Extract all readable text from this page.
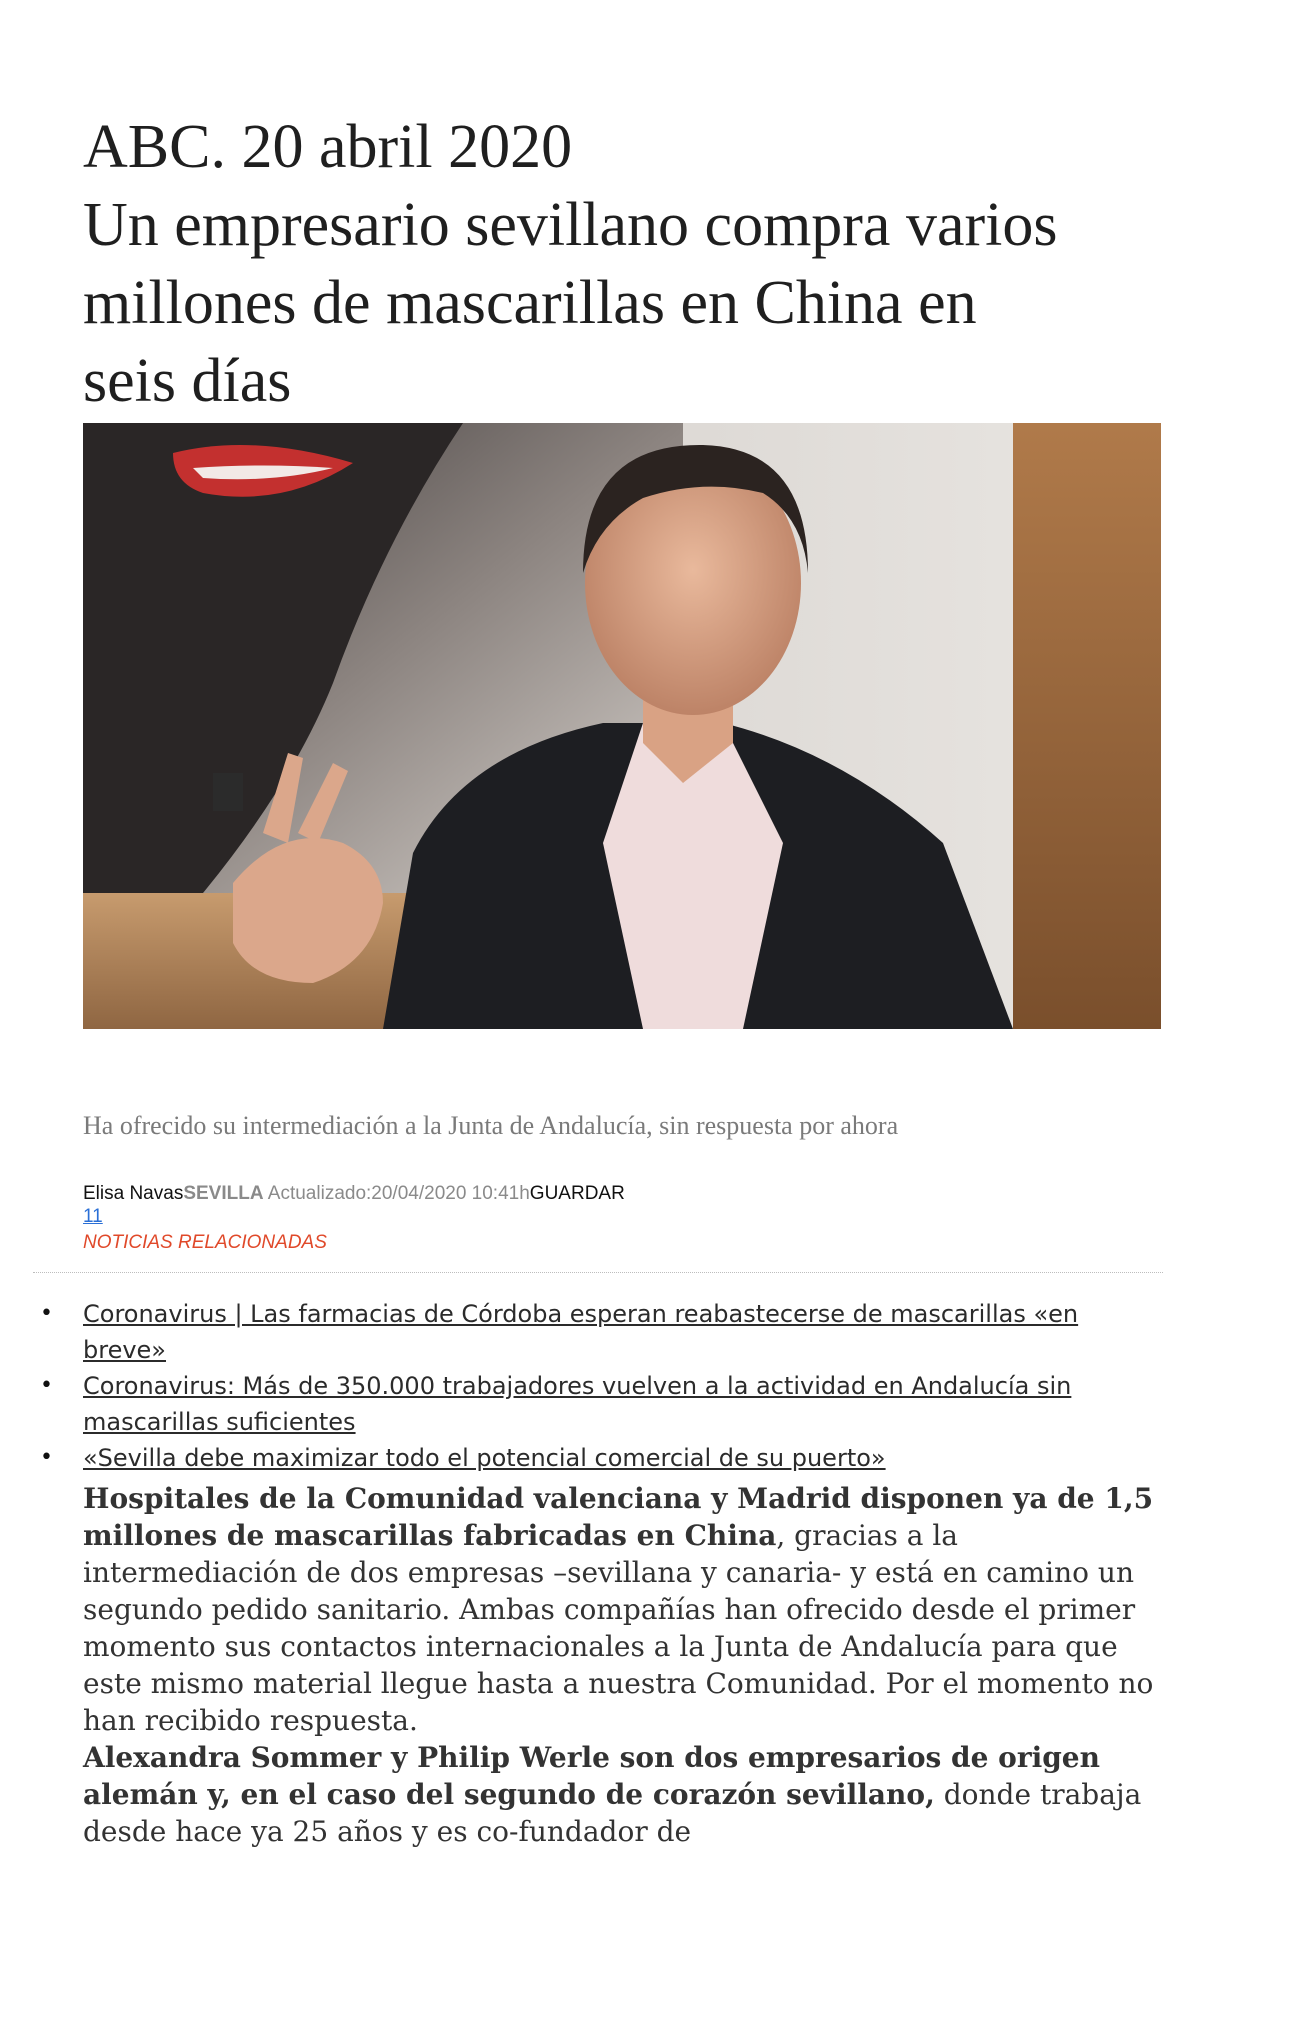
ABC. 20 abril 2020
Un empresario sevillano compra varios
millones de mascarillas en China en
seis días
Ha ofrecido su intermediación a la Junta de Andalucía, sin respuesta por ahora
Elisa NavasSEVILLA Actualizado:20/04/2020 10:41hGUARDAR
11
NOTICIAS RELACIONADAS
• Coronavirus | Las farmacias de Córdoba esperan reabastecerse de mascarillas «en
breve»
• Coronavirus: Más de 350.000 trabajadores vuelven a la actividad en Andalucía sin
mascarillas suficientes
• «Sevilla debe maximizar todo el potencial comercial de su puerto»

Hospitales de la Comunidad valenciana y Madrid disponen ya de 1,5 millones de mascarillas fabricadas en China, gracias a la intermediación de dos empresas –sevillana y canaria- y está en camino un segundo pedido sanitario. Ambas compañías han ofrecido desde el primer momento sus contactos internacionales a la Junta de Andalucía para que este mismo material llegue hasta a nuestra Comunidad. Por el momento no han recibido respuesta.

Alexandra Sommer y Philip Werle son dos empresarios de origen alemán y, en el caso del segundo de corazón sevillano, donde trabaja desde hace ya 25 años y es co-fundador de
